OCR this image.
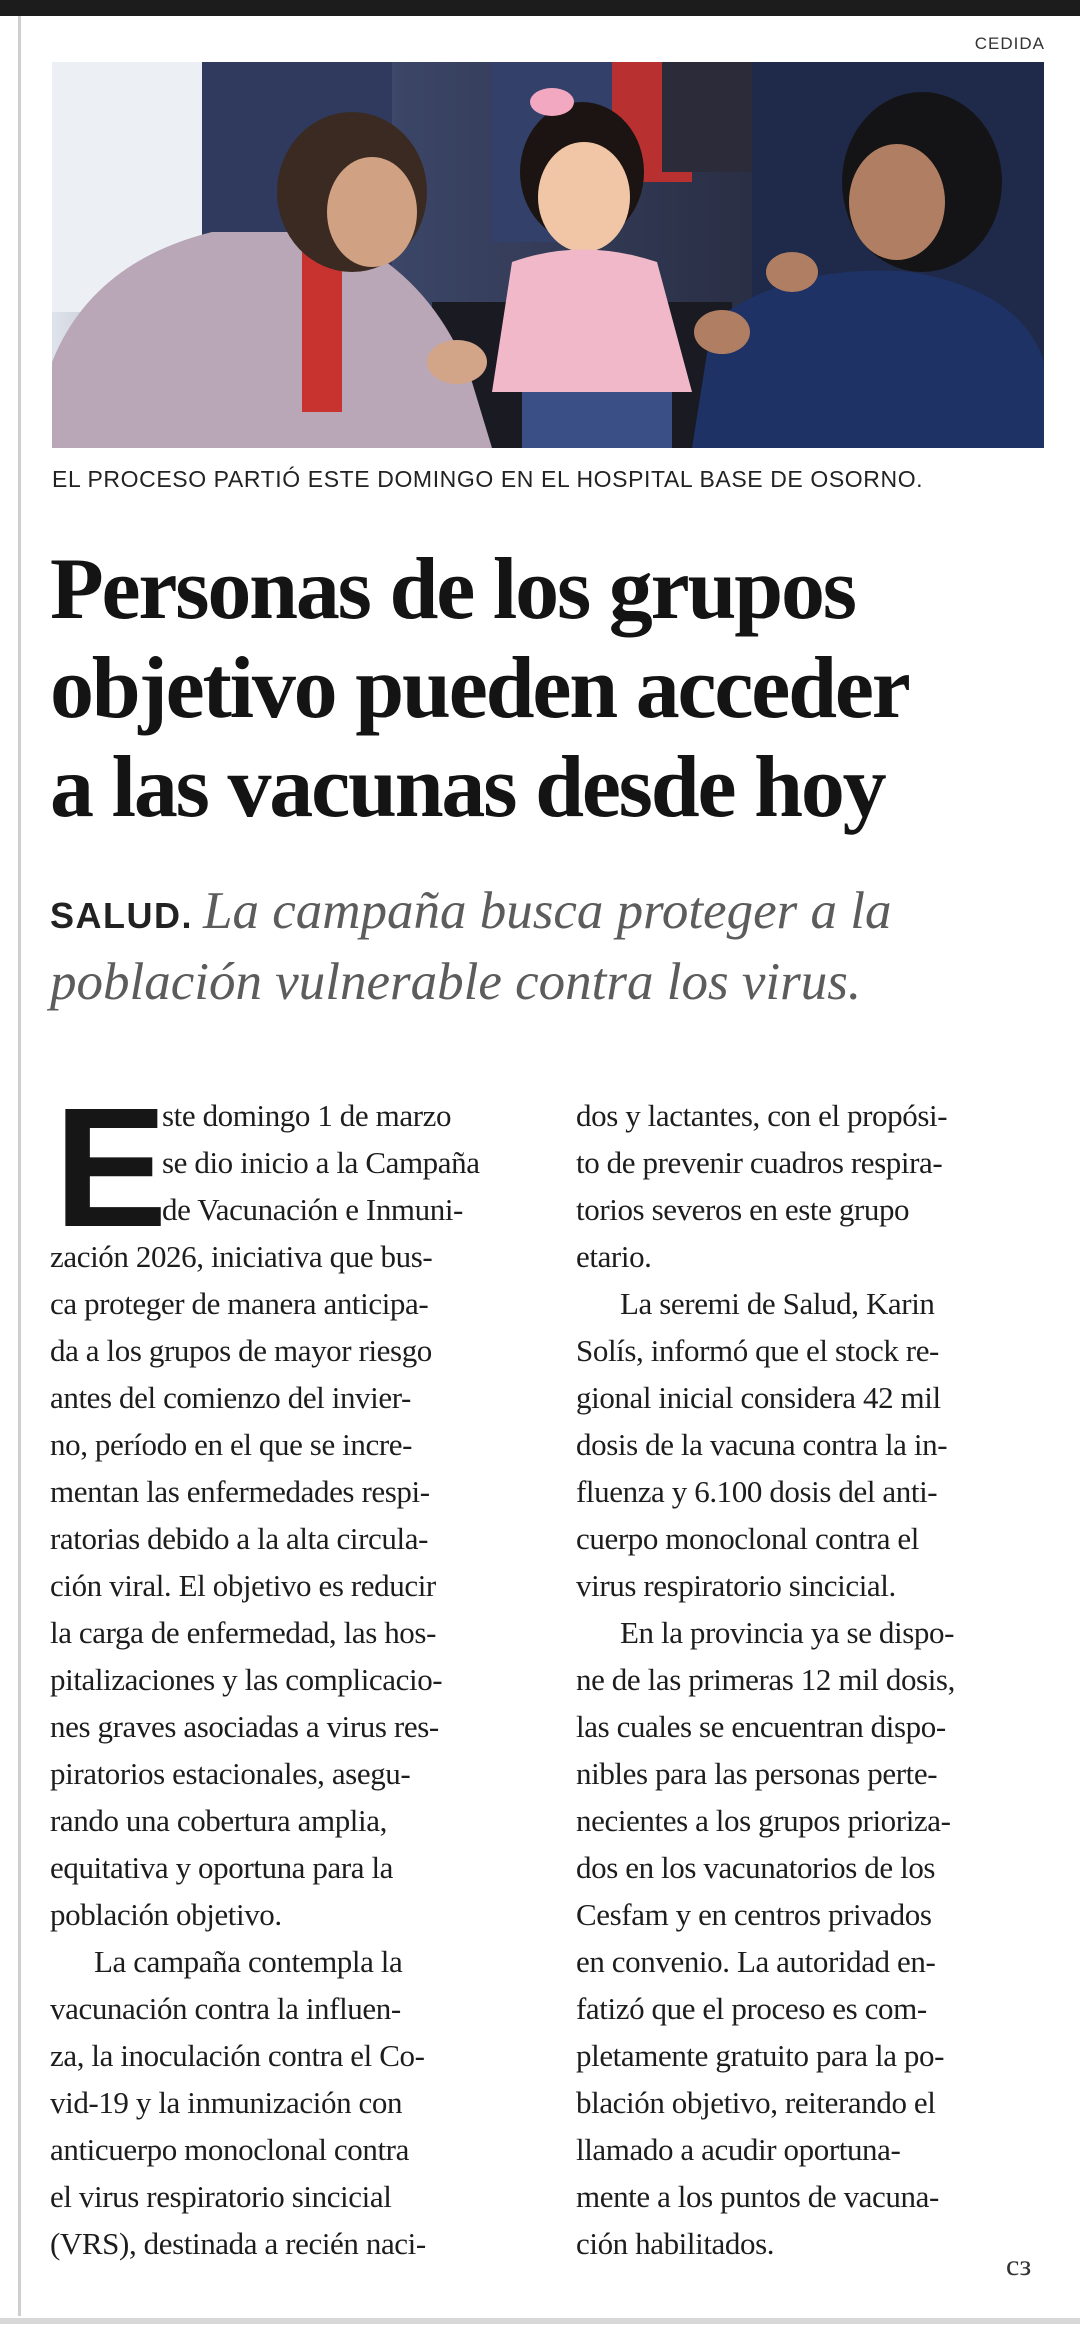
CEDIDA
EL PROCESO PARTIÓ ESTE DOMINGO EN EL HOSPITAL BASE DE OSORNO.
Personas de los grupos
objetivo pueden acceder
a las vacunas desde hoy
SALUD. La campaña busca proteger a la
población vulnerable contra los virus.
E
ste domingo 1 de marzo
se dio inicio a la Campaña
de Vacunación e Inmuni-
zación 2026, iniciativa que bus-
ca proteger de manera anticipa-
da a los grupos de mayor riesgo
antes del comienzo del invier-
no, período en el que se incre-
mentan las enfermedades respi-
ratorias debido a la alta circula-
ción viral. El objetivo es reducir
la carga de enfermedad, las hos-
pitalizaciones y las complicacio-
nes graves asociadas a virus res-
piratorios estacionales, asegu-
rando una cobertura amplia,
equitativa y oportuna para la
población objetivo.
La campaña contempla la
vacunación contra la influen-
za, la inoculación contra el Co-
vid-19 y la inmunización con
anticuerpo monoclonal contra
el virus respiratorio sincicial
(VRS), destinada a recién naci-
dos y lactantes, con el propósi-
to de prevenir cuadros respira-
torios severos en este grupo
etario.
La seremi de Salud, Karin
Solís, informó que el stock re-
gional inicial considera 42 mil
dosis de la vacuna contra la in-
fluenza y 6.100 dosis del anti-
cuerpo monoclonal contra el
virus respiratorio sincicial.
En la provincia ya se dispo-
ne de las primeras 12 mil dosis,
las cuales se encuentran dispo-
nibles para las personas perte-
necientes a los grupos prioriza-
dos en los vacunatorios de los
Cesfam y en centros privados
en convenio. La autoridad en-
fatizó que el proceso es com-
pletamente gratuito para la po-
blación objetivo, reiterando el
llamado a acudir oportuna-
mente a los puntos de vacuna-
ción habilitados.
cз
